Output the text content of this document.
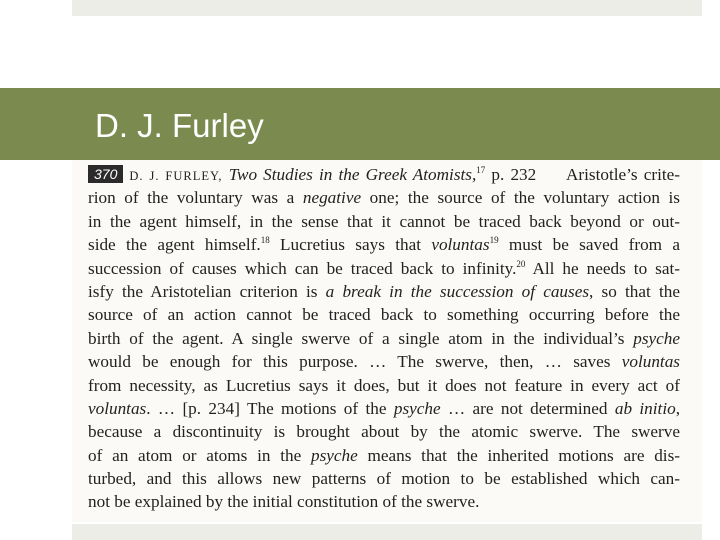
D. J. Furley
370 D. J. FURLEY, Two Studies in the Greek Atomists,$^{17}$ p. 232 Aristotle’s crite-
rion of the voluntary was a negative one; the source of the voluntary action is
in the agent himself, in the sense that it cannot be traced back beyond or out-
side the agent himself.$^{18}$ Lucretius says that voluntas$^{19}$ must be saved from a
succession of causes which can be traced back to infinity.$^{20}$ All he needs to sat-
isfy the Aristotelian criterion is a break in the succession of causes, so that the
source of an action cannot be traced back to something occurring before the
birth of the agent. A single swerve of a single atom in the individual’s psyche
would be enough for this purpose. … The swerve, then, … saves voluntas
from necessity, as Lucretius says it does, but it does not feature in every act of
voluntas. … [p. 234] The motions of the psyche … are not determined ab initio,
because a discontinuity is brought about by the atomic swerve. The swerve
of an atom or atoms in the psyche means that the inherited motions are dis-
turbed, and this allows new patterns of motion to be established which can-
not be explained by the initial constitution of the swerve.
